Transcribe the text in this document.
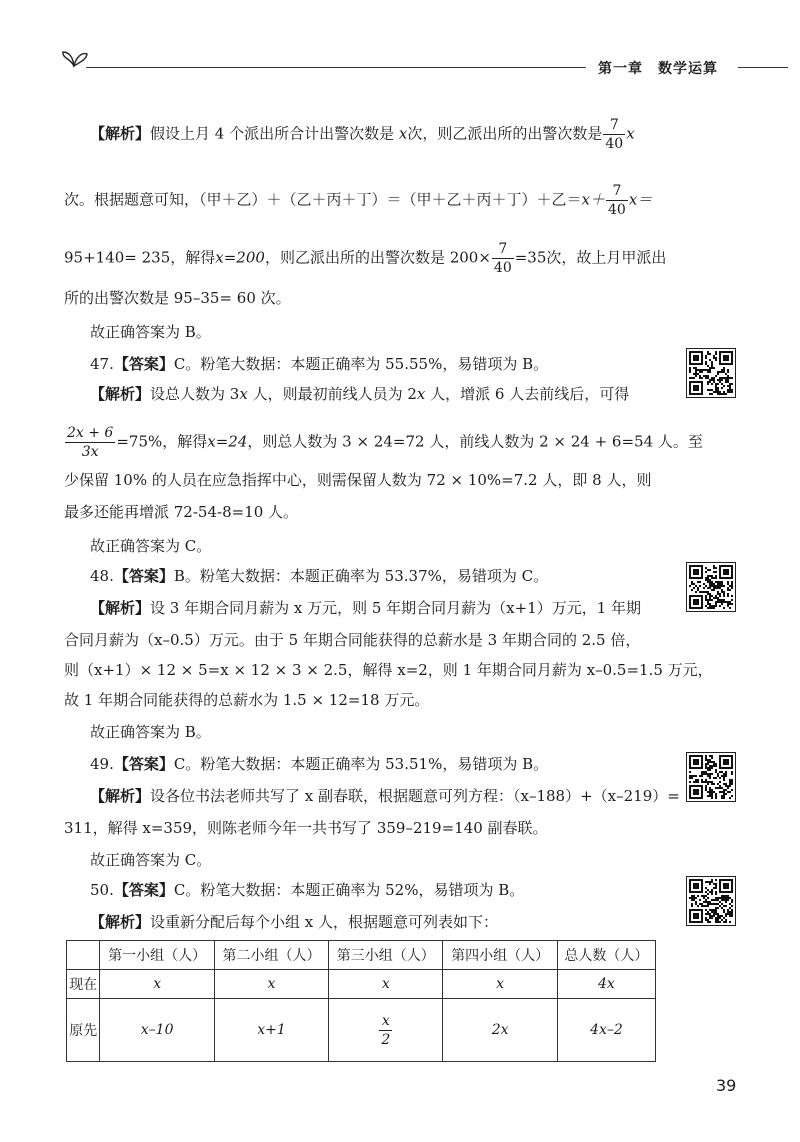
第一章　数学运算
【解析】假设上月 4 个派出所合计出警次数是 x次，则乙派出所的出警次数是 $\frac{7}{40}$ x
次。根据题意可知，（甲＋乙）＋（乙＋丙＋丁）＝（甲＋乙＋丙＋丁）＋乙$=x+ \frac{7}{40} x=$
95+140= 235，解得x=200，则乙派出所的出警次数是 $200\times \frac{7}{40} =35$次，故上月甲派出
所的出警次数是 95–35= 60 次。
故正确答案为 B。
47.【答案】C。粉笔大数据：本题正确率为 55.55%，易错项为 B。
【解析】设总人数为 3x 人，则最初前线人员为 2x 人，增派 6 人去前线后，可得
$\frac{2x + 6}{3x} =75\%$，解得x=24，则总人数为 3 × 24=72 人，前线人数为 2 × 24 + 6=54 人。至
少保留 10% 的人员在应急指挥中心，则需保留人数为 72 × 10%=7.2 人，即 8 人，则
最多还能再增派 72-54-8=10 人。
故正确答案为 C。
48.【答案】B。粉笔大数据：本题正确率为 53.37%，易错项为 C。
【解析】设 3 年期合同月薪为 x 万元，则 5 年期合同月薪为（x+1）万元，1 年期
合同月薪为（x–0.5）万元。由于 5 年期合同能获得的总薪水是 3 年期合同的 2.5 倍，
则（x+1）× 12 × 5=x × 12 × 3 × 2.5，解得 x=2，则 1 年期合同月薪为 x–0.5=1.5 万元，
故 1 年期合同能获得的总薪水为 1.5 × 12=18 万元。
故正确答案为 B。
49.【答案】C。粉笔大数据：本题正确率为 53.51%，易错项为 B。
【解析】设各位书法老师共写了 x 副春联，根据题意可列方程：（x–188）+（x–219）=
311，解得 x=359，则陈老师今年一共书写了 359–219=140 副春联。
故正确答案为 C。
50.【答案】C。粉笔大数据：本题正确率为 52%，易错项为 B。
【解析】设重新分配后每个小组 x 人，根据题意可列表如下：
	第一小组（人）	第二小组（人）	第三小组（人）	第四小组（人）	总人数（人）
现在	x	x	x	x	4x
原先	x–10	x+1	$\frac{x}{2}$	2x	4x–2
39
